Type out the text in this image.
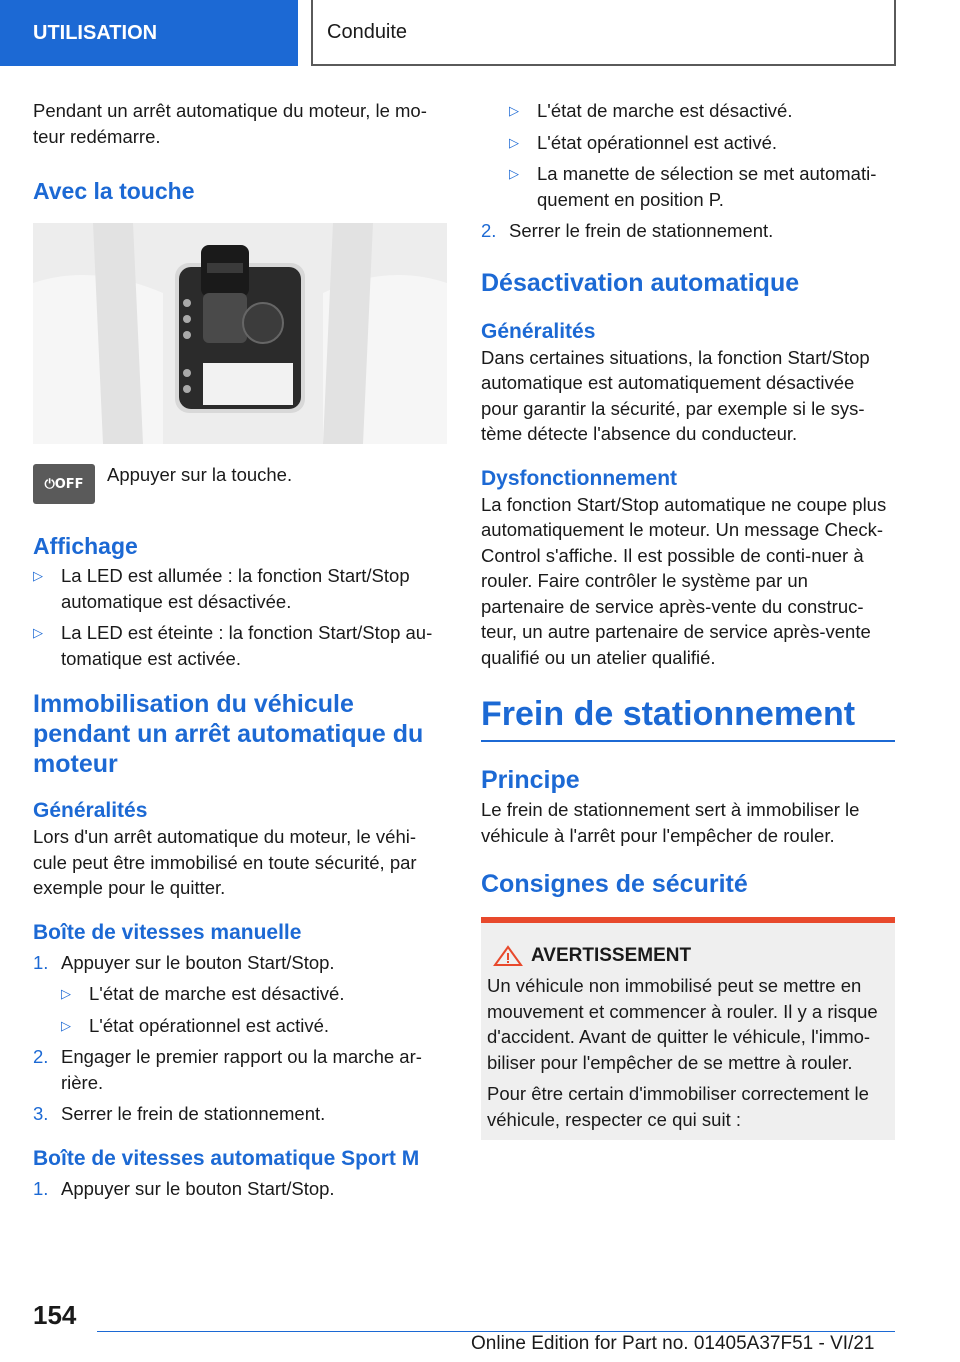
UTILISATION	Conduite

Pendant un arrêt automatique du moteur, le mo-teur redémarre.

Avec la touche
⏻OFF	Appuyer sur la touche.

Affichage
▷ La LED est allumée : la fonction Start/Stop automatique est désactivée.
▷ La LED est éteinte : la fonction Start/Stop au-tomatique est activée.
Immobilisation du véhicule pendant un arrêt automatique du moteur
Généralités

Lors d'un arrêt automatique du moteur, le véhi-cule peut être immobilisé en toute sécurité, par exemple pour le quitter.

Boîte de vitesses manuelle
1. Appuyer sur le bouton Start/Stop.
▷ L'état de marche est désactivé.
▷ L'état opérationnel est activé.
2. Engager le premier rapport ou la marche ar-rière.
3. Serrer le frein de stationnement.
Boîte de vitesses automatique Sport M
1. Appuyer sur le bouton Start/Stop.
▷ L'état de marche est désactivé.
▷ L'état opérationnel est activé.
▷ La manette de sélection se met automati-quement en position P.
2. Serrer le frein de stationnement.
Désactivation automatique
Généralités

Dans certaines situations, la fonction Start/Stop automatique est automatiquement désactivée pour garantir la sécurité, par exemple si le sys-tème détecte l'absence du conducteur.

Dysfonctionnement

La fonction Start/Stop automatique ne coupe plus automatiquement le moteur. Un message Check-Control s'affiche. Il est possible de conti-nuer à rouler. Faire contrôler le système par un partenaire de service après-vente du construc-teur, un autre partenaire de service après-vente qualifié ou un atelier qualifié.

Frein de stationnement
Principe

Le frein de stationnement sert à immobiliser le véhicule à l'arrêt pour l'empêcher de rouler.

Consignes de sécurité
AVERTISSEMENT

Un véhicule non immobilisé peut se mettre en mouvement et commencer à rouler. Il y a risque d'accident. Avant de quitter le véhicule, l'immo-biliser pour l'empêcher de se mettre à rouler.

Pour être certain d'immobiliser correctement le véhicule, respecter ce qui suit :

154
Online Edition for Part no. 01405A37F51 - VI/21
